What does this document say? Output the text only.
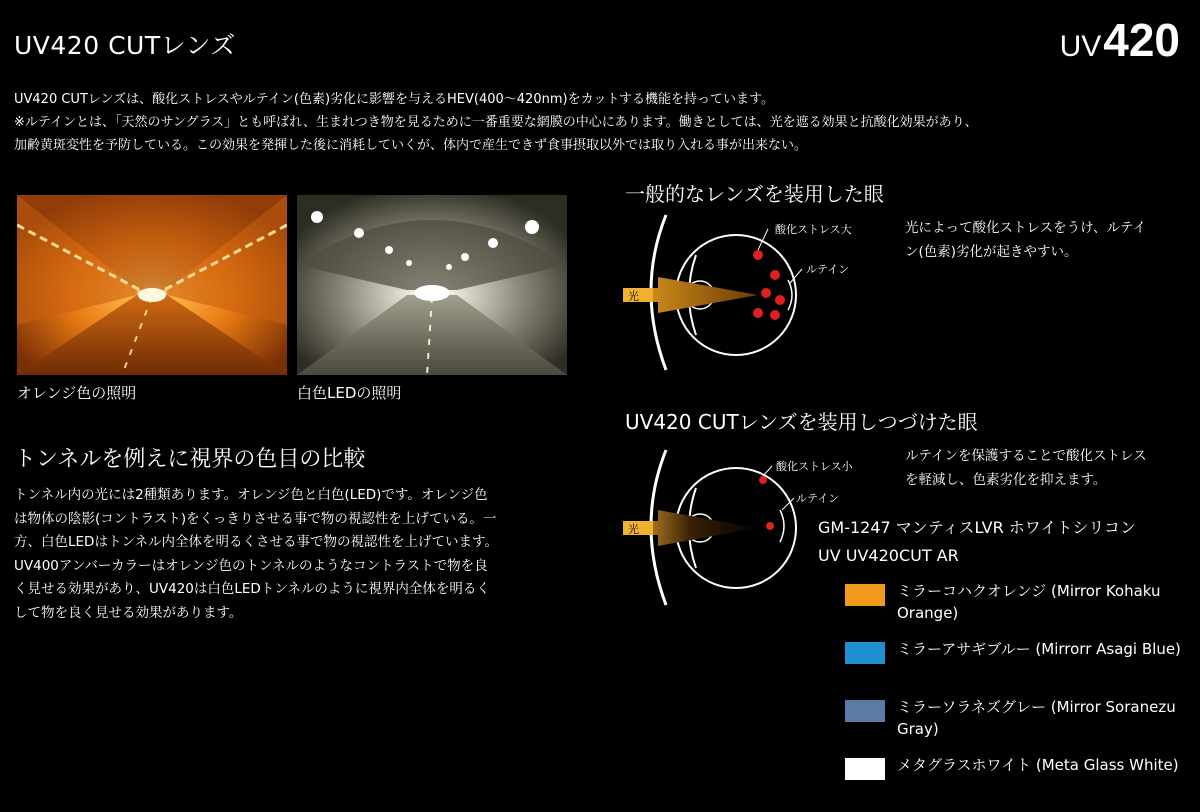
UV420 CUTレンズ	UV420
UV420 CUTレンズは、酸化ストレスやルテイン(色素)劣化に影響を与えるHEV(400～420nm)をカットする機能を持っています。
※ルテインとは、「天然のサングラス」とも呼ばれ、生まれつき物を見るために一番重要な網膜の中心にあります。働きとしては、光を遮る効果と抗酸化効果があり、
加齢黄斑変性を予防している。この効果を発揮した後に消耗していくが、体内で産生できず食事摂取以外では取り入れる事が出来ない。
オレンジ色の照明	白色LEDの照明
トンネルを例えに視界の色目の比較
トンネル内の光には2種類あります。オレンジ色と白色(LED)です。オレンジ色
は物体の陰影(コントラスト)をくっきりさせる事で物の視認性を上げている。一
方、白色LEDはトンネル内全体を明るくさせる事で物の視認性を上げています。
UV400アンバーカラーはオレンジ色のトンネルのようなコントラストで物を良
く見せる効果があり、UV420は白色LEDトンネルのように視界内全体を明るく
して物を良く見せる効果があります。
一般的なレンズを装用した眼
光
酸化ストレス大
ルテイン
光によって酸化ストレスをうけ、ルテイ
ン(色素)劣化が起きやすい。
UV420 CUTレンズを装用しつづけた眼
光
酸化ストレス小
ルテイン
ルテインを保護することで酸化ストレス
を軽減し、色素劣化を抑えます。
GM-1247 マンティスLVR ホワイトシリコン
UV UV420CUT AR
ミラーコハクオレンジ (Mirror Kohaku Orange)
ミラーアサギブルー (Mirrorr Asagi Blue)
ミラーソラネズグレー (Mirror Soranezu Gray)
メタグラスホワイト (Meta Glass White)
